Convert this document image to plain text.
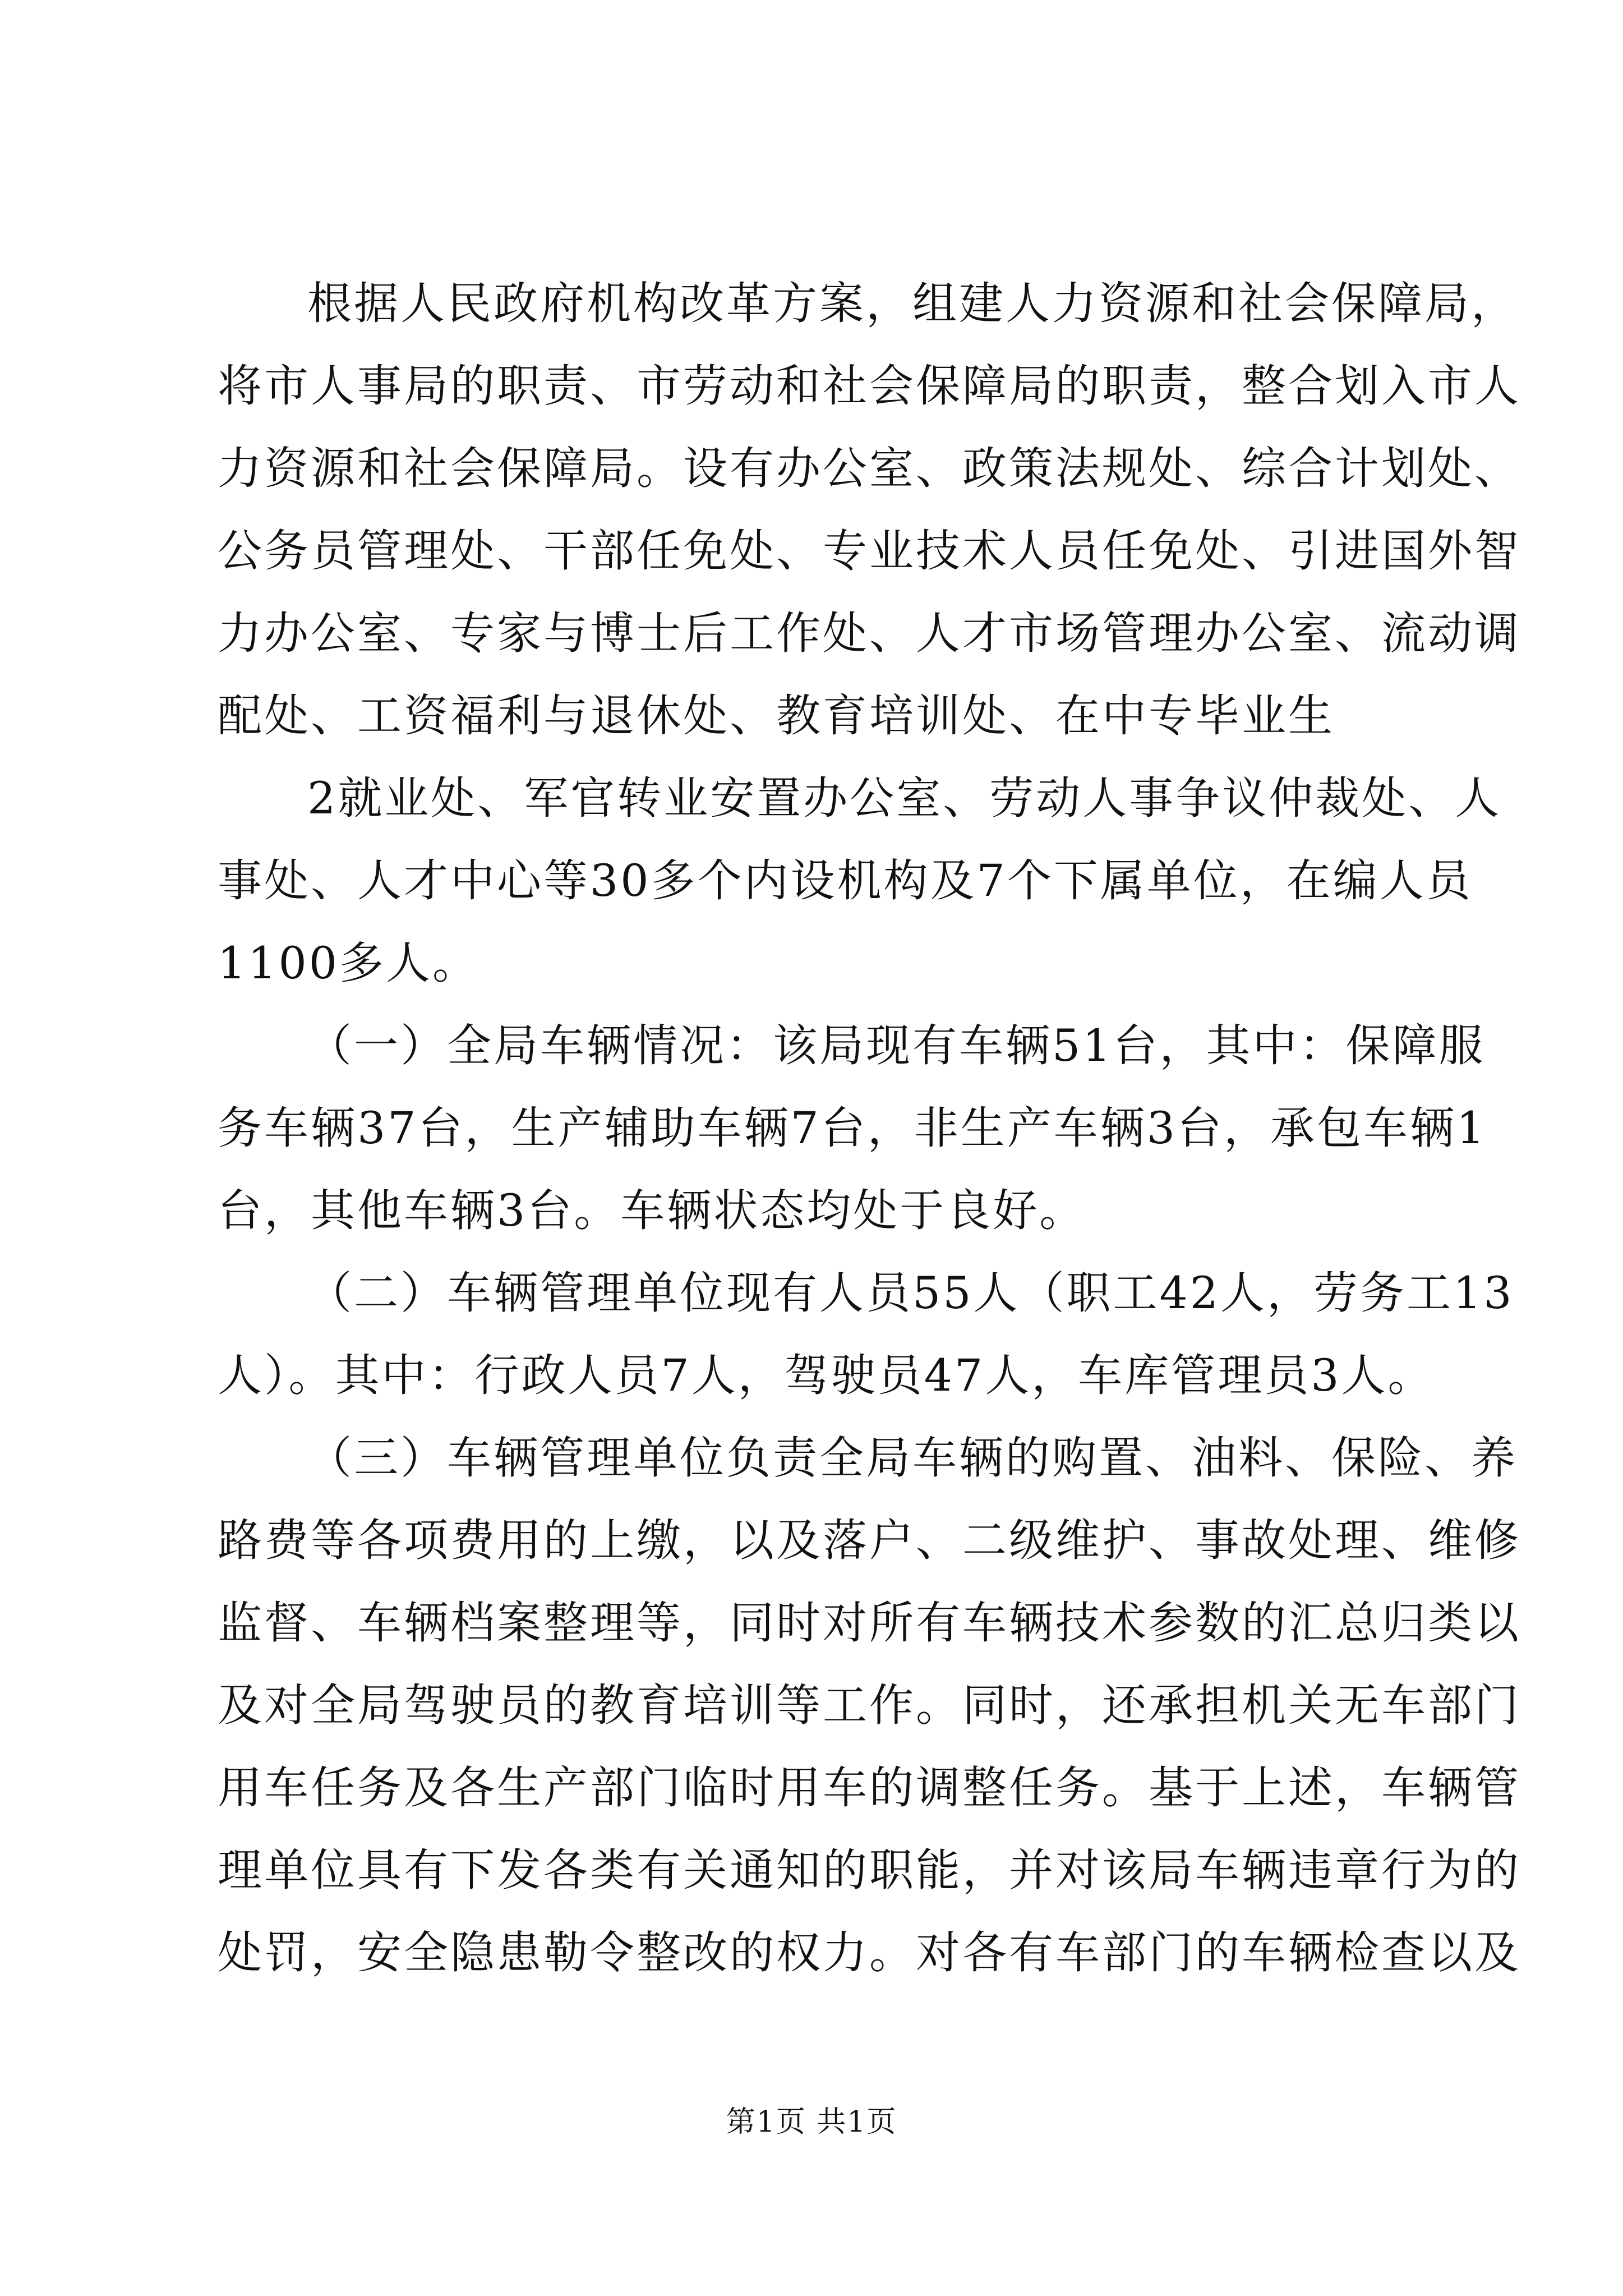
根据人民政府机构改革方案，组建人力资源和社会保障局，
将市人事局的职责、市劳动和社会保障局的职责，整合划入市人
力资源和社会保障局。设有办公室、政策法规处、综合计划处、
公务员管理处、干部任免处、专业技术人员任免处、引进国外智
力办公室、专家与博士后工作处、人才市场管理办公室、流动调
配处、工资福利与退休处、教育培训处、在中专毕业生

2就业处、军官转业安置办公室、劳动人事争议仲裁处、人
事处、人才中心等30多个内设机构及7个下属单位，在编人员
1100多人。

（一）全局车辆情况：该局现有车辆51台，其中：保障服
务车辆37台，生产辅助车辆7台，非生产车辆3台，承包车辆1
台，其他车辆3台。车辆状态均处于良好。

（二）车辆管理单位现有人员55人（职工42人，劳务工13
人）。其中：行政人员7人，驾驶员47人，车库管理员3人。

（三）车辆管理单位负责全局车辆的购置、油料、保险、养
路费等各项费用的上缴，以及落户、二级维护、事故处理、维修
监督、车辆档案整理等，同时对所有车辆技术参数的汇总归类以
及对全局驾驶员的教育培训等工作。同时，还承担机关无车部门
用车任务及各生产部门临时用车的调整任务。基于上述，车辆管
理单位具有下发各类有关通知的职能，并对该局车辆违章行为的
处罚，安全隐患勒令整改的权力。对各有车部门的车辆检查以及

第1页 共1页
